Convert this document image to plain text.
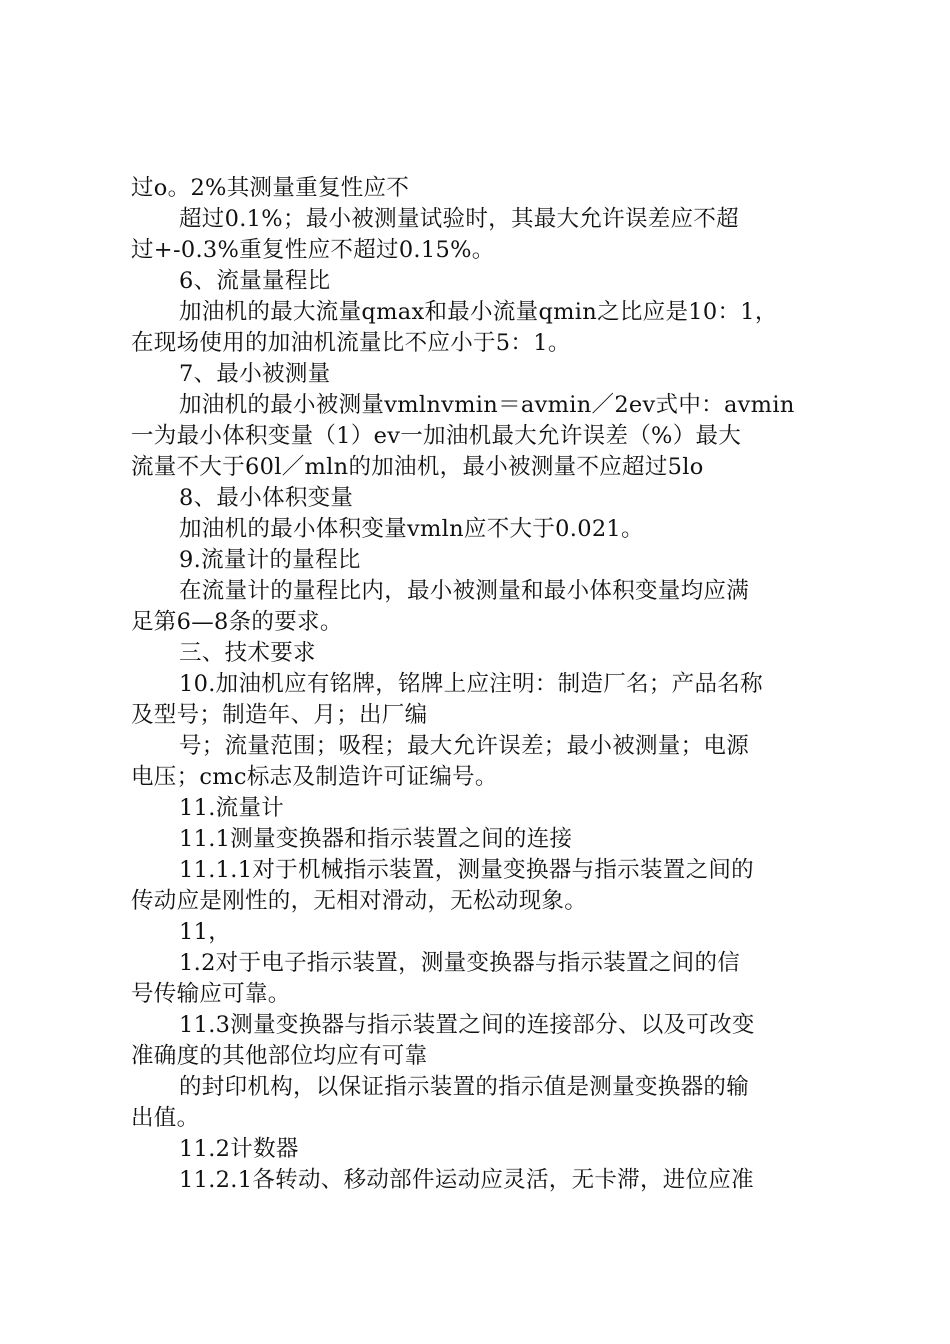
过o。2%其测量重复性应不
超过0.1%；最小被测量试验时，其最大允许误差应不超
过+-0.3%重复性应不超过0.15%。
6、流量量程比
加油机的最大流量qmax和最小流量qmin之比应是10：1，
在现场使用的加油机流量比不应小于5：1。
7、最小被测量
加油机的最小被测量vmlnvmin＝avmin／2ev式中：avmin
一为最小体积变量（1）ev一加油机最大允许误差（%）最大
流量不大于60l／mln的加油机，最小被测量不应超过5lo
8、最小体积变量
加油机的最小体积变量vmln应不大于0.021。
9.流量计的量程比
在流量计的量程比内，最小被测量和最小体积变量均应满
足第6—8条的要求。
三、技术要求
10.加油机应有铭牌，铭牌上应注明：制造厂名；产品名称
及型号；制造年、月；出厂编
号；流量范围；吸程；最大允许误差；最小被测量；电源
电压；cmc标志及制造许可证编号。
11.流量计
11.1测量变换器和指示装置之间的连接
11.1.1对于机械指示装置，测量变换器与指示装置之间的
传动应是刚性的，无相对滑动，无松动现象。
11，
1.2对于电子指示装置，测量变换器与指示装置之间的信
号传输应可靠。
11.3测量变换器与指示装置之间的连接部分、以及可改变
准确度的其他部位均应有可靠
的封印机构，以保证指示装置的指示值是测量变换器的输
出值。
11.2计数器
11.2.1各转动、移动部件运动应灵活，无卡滞，进位应准
